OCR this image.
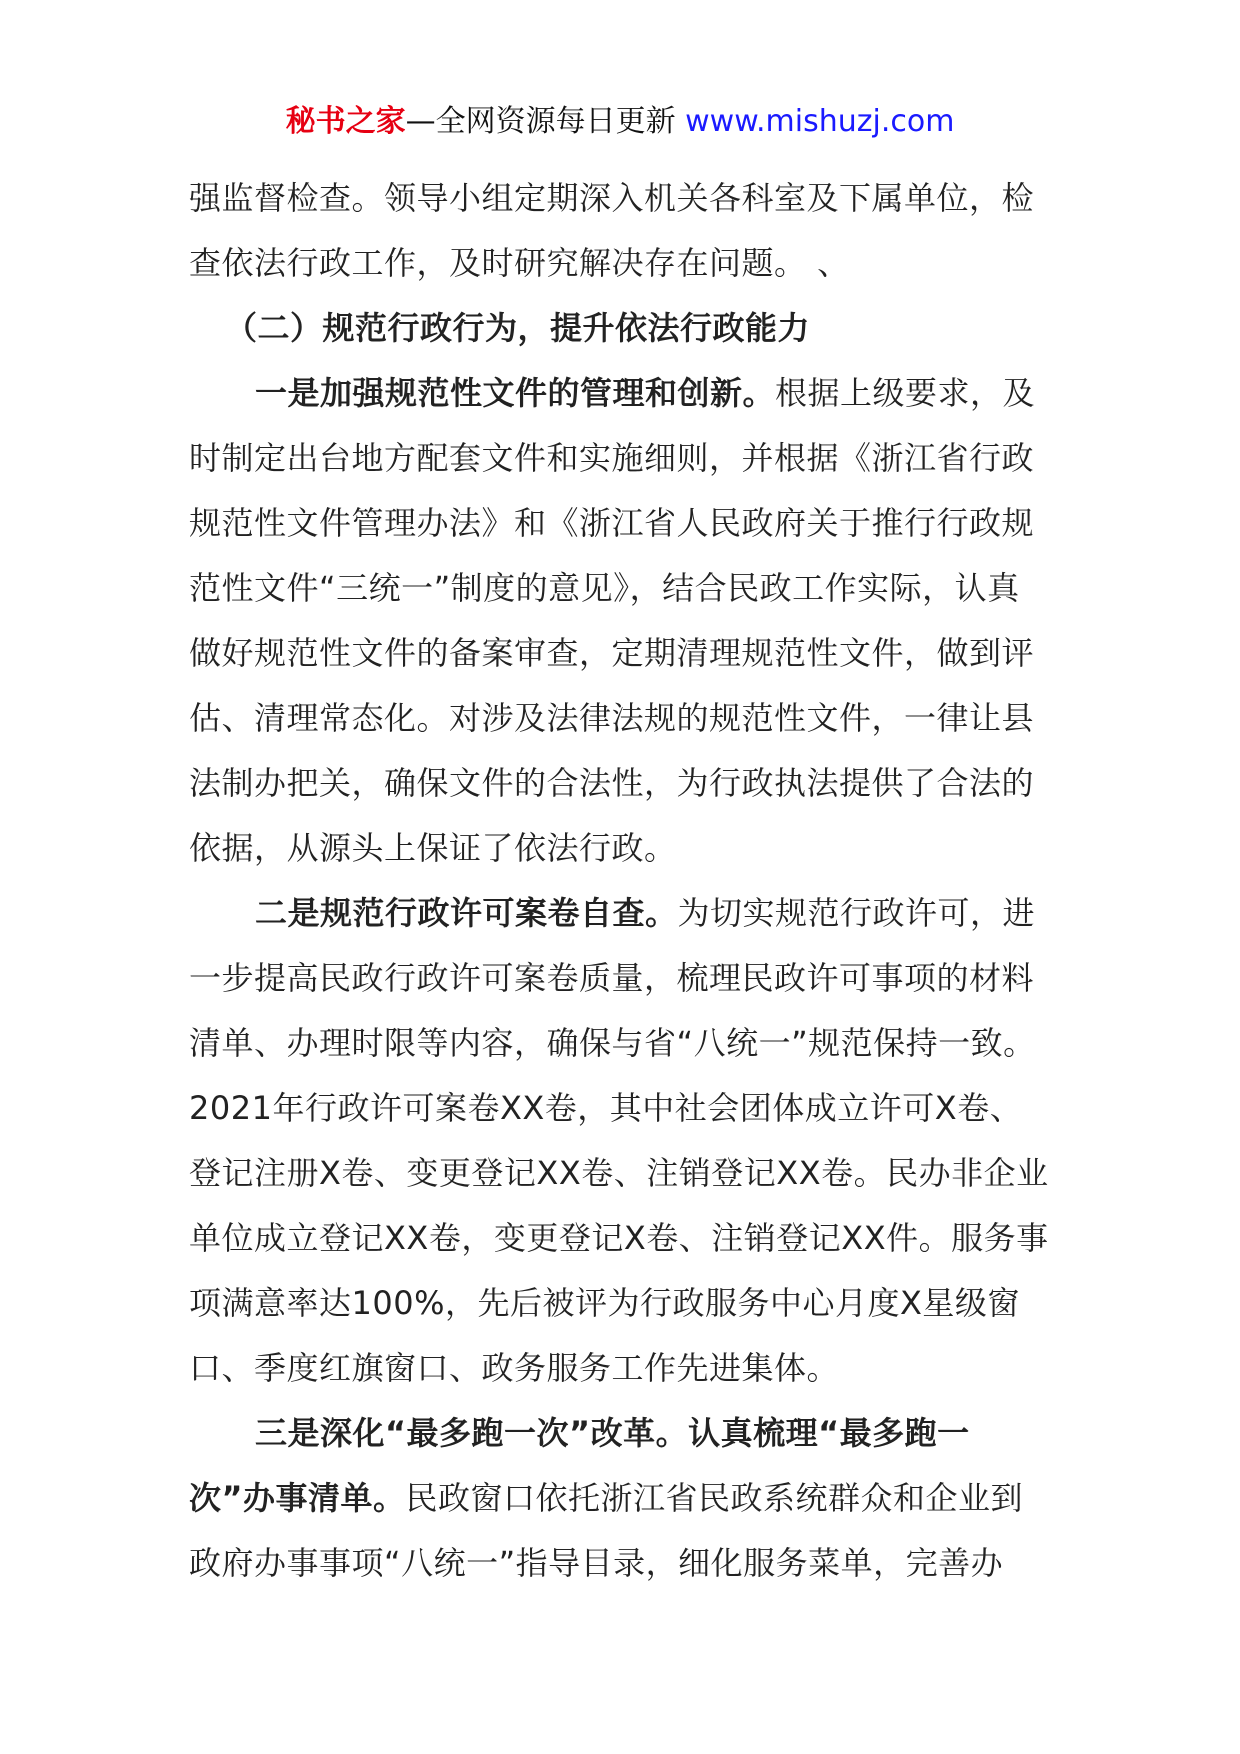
秘书之家—全网资源每日更新 www.mishuzj.com

强监督检查。领导小组定期深入机关各科室及下属单位，检查依法行政工作，及时研究解决存在问题。 、

（二）规范行政行为，提升依法行政能力

一是加强规范性文件的管理和创新。根据上级要求，及时制定出台地方配套文件和实施细则，并根据《浙江省行政规范性文件管理办法》和《浙江省人民政府关于推行行政规范性文件“三统一”制度的意见》，结合民政工作实际，认真做好规范性文件的备案审查，定期清理规范性文件，做到评估、清理常态化。对涉及法律法规的规范性文件，一律让县法制办把关，确保文件的合法性，为行政执法提供了合法的依据，从源头上保证了依法行政。

二是规范行政许可案卷自查。为切实规范行政许可，进一步提高民政行政许可案卷质量，梳理民政许可事项的材料清单、办理时限等内容，确保与省“八统一”规范保持一致。2021年行政许可案卷XX卷，其中社会团体成立许可X卷、登记注册X卷、变更登记XX卷、注销登记XX卷。民办非企业单位成立登记XX卷，变更登记X卷、注销登记XX件。服务事项满意率达100%，先后被评为行政服务中心月度X星级窗口、季度红旗窗口、政务服务工作先进集体。

三是深化“最多跑一次”改革。认真梳理“最多跑一次”办事清单。民政窗口依托浙江省民政系统群众和企业到政府办事事项“八统一”指导目录，细化服务菜单，完善办
